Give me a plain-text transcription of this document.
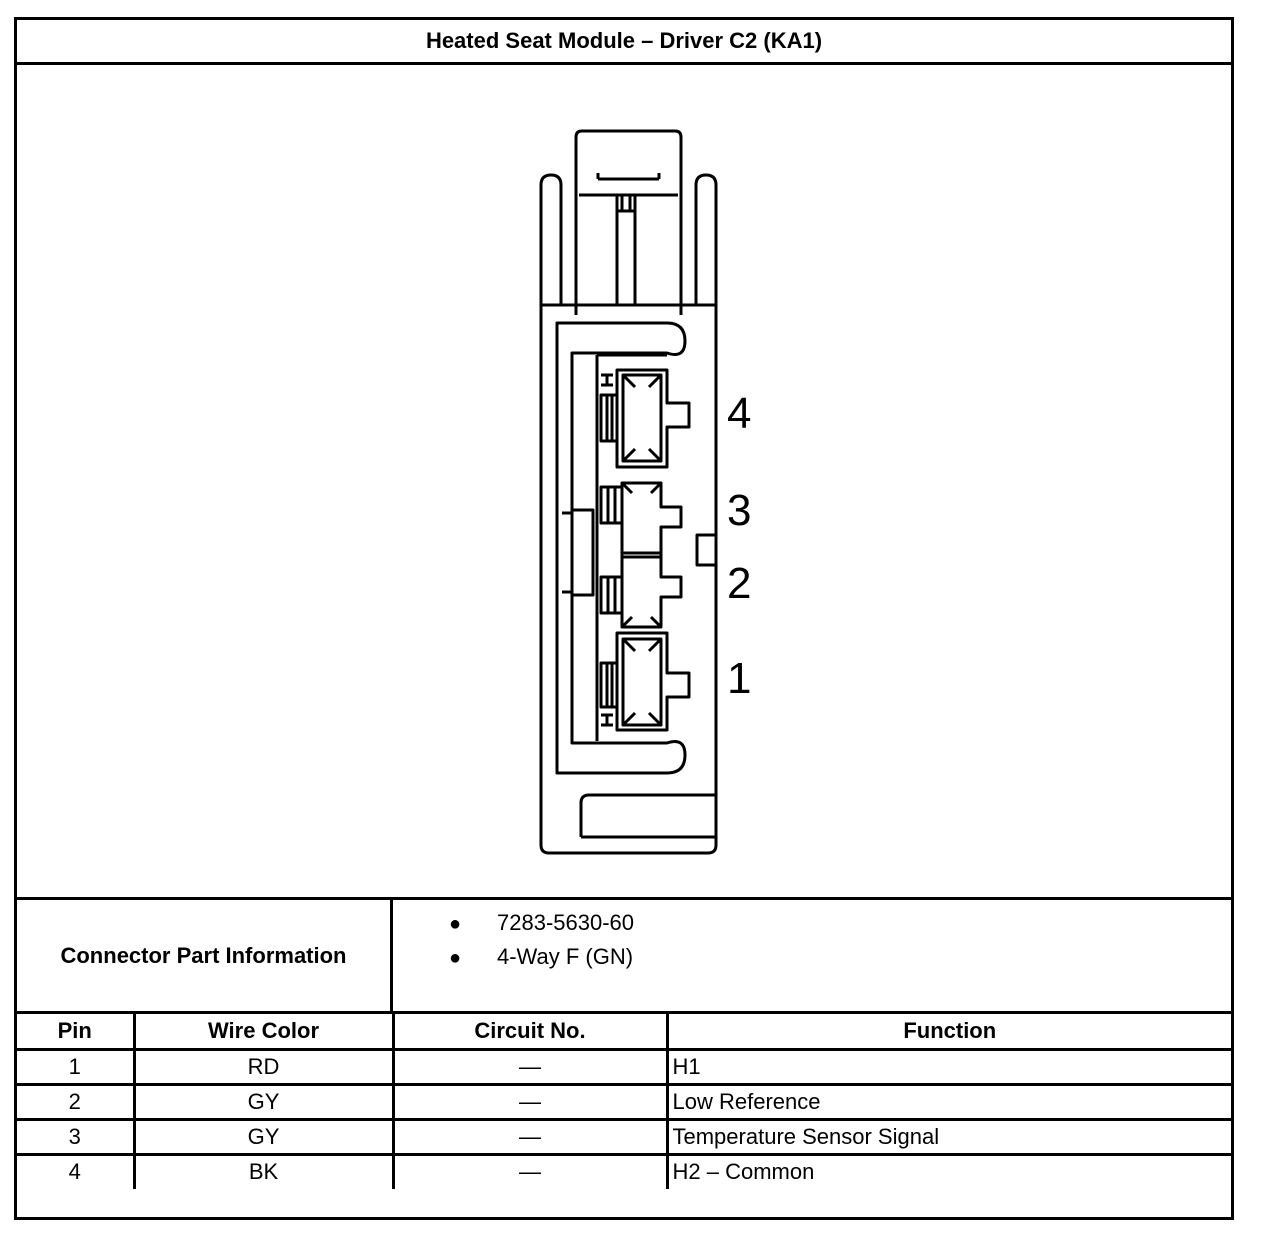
Heated Seat Module – Driver C2 (KA1)
4
3
2
1
Connector Part Information
● 7283-5630-60
● 4-Way F (GN)
Pin	Wire Color	Circuit No.	Function
1	RD	—	H1
2	GY	—	Low Reference
3	GY	—	Temperature Sensor Signal
4	BK	—	H2 – Common
